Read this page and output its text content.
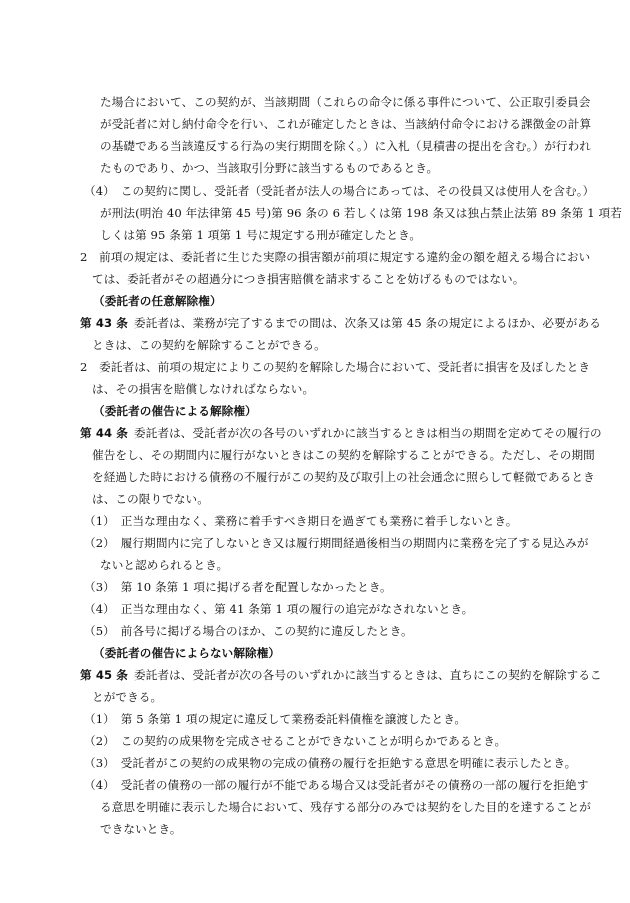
た場合において、この契約が、当該期間（これらの命令に係る事件について、公正取引委員会
が受託者に対し納付命令を行い、これが確定したときは、当該納付命令における課徴金の計算
の基礎である当該違反する行為の実行期間を除く。）に入札（見積書の提出を含む。）が行われ
たものであり、かつ、当該取引分野に該当するものであるとき。
（4）　この契約に関し、受託者（受託者が法人の場合にあっては、その役員又は使用人を含む。）
が刑法(明治 40 年法律第 45 号)第 96 条の 6 若しくは第 198 条又は独占禁止法第 89 条第 1 項若
しくは第 95 条第 1 項第 1 号に規定する刑が確定したとき。
2　前項の規定は、委託者に生じた実際の損害額が前項に規定する違約金の額を超える場合におい
ては、委託者がその超過分につき損害賠償を請求することを妨げるものではない。
（委託者の任意解除権）
第 43 条 委託者は、業務が完了するまでの間は、次条又は第 45 条の規定によるほか、必要がある
ときは、この契約を解除することができる。
2　委託者は、前項の規定によりこの契約を解除した場合において、受託者に損害を及ぼしたとき
は、その損害を賠償しなければならない。
（委託者の催告による解除権）
第 44 条 委託者は、受託者が次の各号のいずれかに該当するときは相当の期間を定めてその履行の
催告をし、その期間内に履行がないときはこの契約を解除することができる。ただし、その期間
を経過した時における債務の不履行がこの契約及び取引上の社会通念に照らして軽微であるとき
は、この限りでない。
（1）　正当な理由なく、業務に着手すべき期日を過ぎても業務に着手しないとき。
（2）　履行期間内に完了しないとき又は履行期間経過後相当の期間内に業務を完了する見込みが
ないと認められるとき。
（3）　第 10 条第 1 項に掲げる者を配置しなかったとき。
（4）　正当な理由なく、第 41 条第 1 項の履行の追完がなされないとき。
（5）　前各号に掲げる場合のほか、この契約に違反したとき。
（委託者の催告によらない解除権）
第 45 条 委託者は、受託者が次の各号のいずれかに該当するときは、直ちにこの契約を解除するこ
とができる。
（1）　第 5 条第 1 項の規定に違反して業務委託料債権を譲渡したとき。
（2）　この契約の成果物を完成させることができないことが明らかであるとき。
（3）　受託者がこの契約の成果物の完成の債務の履行を拒絶する意思を明確に表示したとき。
（4）　受託者の債務の一部の履行が不能である場合又は受託者がその債務の一部の履行を拒絶す
る意思を明確に表示した場合において、残存する部分のみでは契約をした目的を達することが
できないとき。
